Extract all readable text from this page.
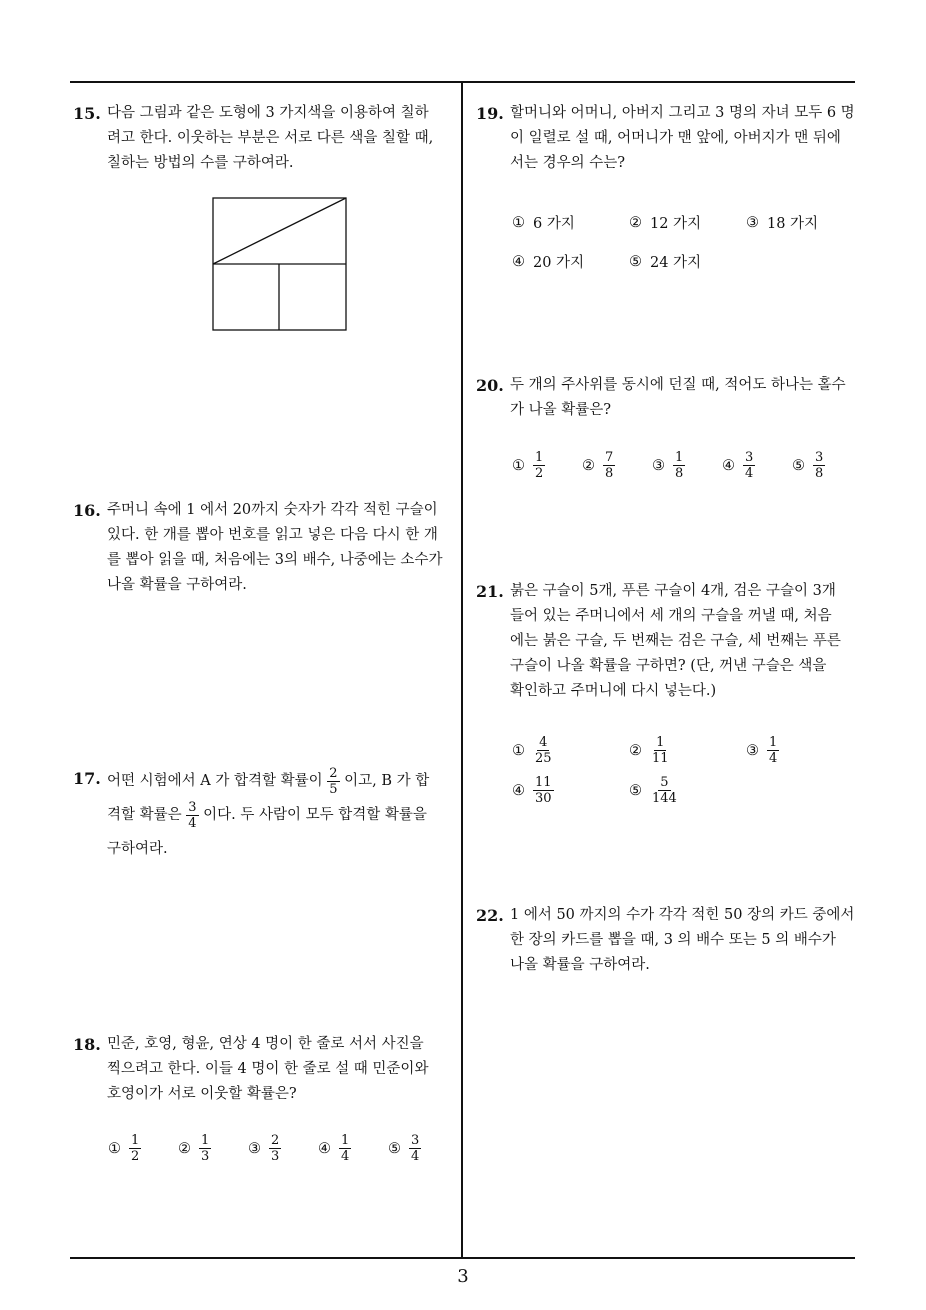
15. 다음 그림과 같은 도형에 3 가지색을 이용하여 칠하
려고 한다. 이웃하는 부분은 서로 다른 색을 칠할 때,
칠하는 방법의 수를 구하여라.
16. 주머니 속에 1 에서 20까지 숫자가 각각 적힌 구슬이
있다. 한 개를 뽑아 번호를 읽고 넣은 다음 다시 한 개
를 뽑아 읽을 때, 처음에는 3의 배수, 나중에는 소수가
나올 확률을 구하여라.
17. 어떤 시험에서 A 가 합격할 확률이 $\frac{2}{5}$ 이고, B 가 합
격할 확률은 $\frac{3}{4}$ 이다. 두 사람이 모두 합격할 확률을
구하여라.
18. 민준, 호영, 형윤, 연상 4 명이 한 줄로 서서 사진을
찍으려고 한다. 이들 4 명이 한 줄로 설 때 민준이와
호영이가 서로 이웃할 확률은?
① $\frac{1}{2}$	② $\frac{1}{3}$	③ $\frac{2}{3}$	④ $\frac{1}{4}$	⑤ $\frac{3}{4}$
19. 할머니와 어머니, 아버지 그리고 3 명의 자녀 모두 6 명
이 일렬로 설 때, 어머니가 맨 앞에, 아버지가 맨 뒤에
서는 경우의 수는?
① 6 가지	② 12 가지	③ 18 가지
④ 20 가지	⑤ 24 가지
20. 두 개의 주사위를 동시에 던질 때, 적어도 하나는 홀수
가 나올 확률은?
① $\frac{1}{2}$	② $\frac{7}{8}$	③ $\frac{1}{8}$	④ $\frac{3}{4}$	⑤ $\frac{3}{8}$
21. 붉은 구슬이 5개, 푸른 구슬이 4개, 검은 구슬이 3개
들어 있는 주머니에서 세 개의 구슬을 꺼낼 때, 처음
에는 붉은 구슬, 두 번째는 검은 구슬, 세 번째는 푸른
구슬이 나올 확률을 구하면? (단, 꺼낸 구슬은 색을
확인하고 주머니에 다시 넣는다.)
① $\frac{4}{25}$	② $\frac{1}{11}$	③ $\frac{1}{4}$
④ $\frac{11}{30}$	⑤ $\frac{5}{144}$
22. 1 에서 50 까지의 수가 각각 적힌 50 장의 카드 중에서
한 장의 카드를 뽑을 때, 3 의 배수 또는 5 의 배수가
나올 확률을 구하여라.
3
